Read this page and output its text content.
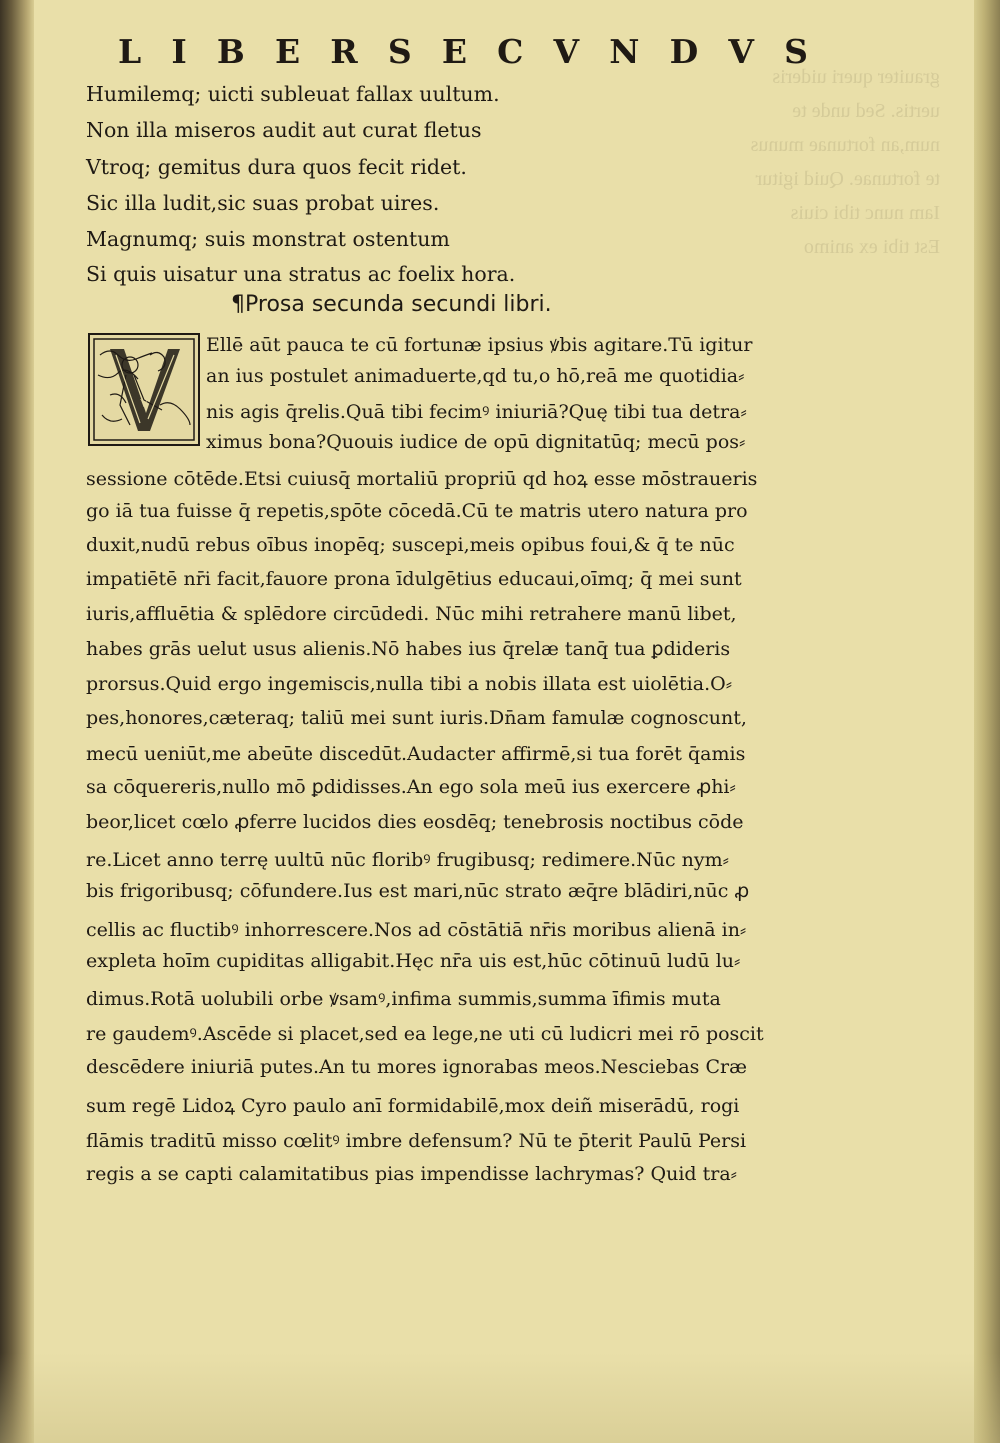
grauiter queri uideris
uertis. Sed unde te
num,an fortunae munus
te fortunae. Quid igitur
Iam nunc tibi ciuis
Est tibi ex animo
L I B E R S E C V N D V S
Humilemq; uicti subleuat fallax uultum.
Non illa miseros audit aut curat fletus
Vtroq; gemitus dura quos fecit ridet.
Sic illa ludit,sic suas probat uires.
Magnumq; suis monstrat ostentum
Si quis uisatur una stratus ac foelix hora.
¶Prosa secunda secundi libri.
V
Ellē aūt pauca te cū fortunæ ipsius ꝟbis agitare.Tū igitur
an ius postulet animaduerte,qd tu,o hō,reā me quotidia⸗
nis agis q̄relis.Quā tibi fecimꝰ iniuriā?Quę tibi tua detra⸗
ximus bona?Quouis iudice de opū dignitatūq; mecū pos⸗
sessione cōtēde.Etsi cuiusq̄ mortaliū propriū qd hoꝝ esse mōstraueris
go iā tua fuisse q̄ repetis,spōte cōcedā.Cū te matris utero natura pro
duxit,nudū rebus oībus inopēq; suscepi,meis opibus foui,& q̄ te nūc
impatiētē nr̄i facit,fauore prona īdulgētius educaui,oīmq; q̄ mei sunt
iuris,affluētia & splēdore circūdedi. Nūc mihi retrahere manū libet,
habes grās uelut usus alienis.Nō habes ius q̄relæ tanq̄ tua ꝑdideris
prorsus.Quid ergo ingemiscis,nulla tibi a nobis illata est uiolētia.O⸗
pes,honores,cæteraq; taliū mei sunt iuris.Dn̄am famulæ cognoscunt,
mecū ueniūt,me abeūte discedūt.Audacter affirmē,si tua forēt q̄amis
sa cōquereris,nullo mō ꝑdidisses.An ego sola meū ius exercere ꝓhi⸗
beor,licet cœlo ꝓferre lucidos dies eosdēq; tenebrosis noctibus cōde
re.Licet anno terrę uultū nūc floribꝰ frugibusq; redimere.Nūc nym⸗
bis frigoribusq; cōfundere.Ius est mari,nūc strato æq̄re blādiri,nūc ꝓ
cellis ac fluctibꝰ inhorrescere.Nos ad cōstātiā nr̄is moribus alienā in⸗
expleta hoīm cupiditas alligabit.Hęc nr̄a uis est,hūc cōtinuū ludū lu⸗
dimus.Rotā uolubili orbe ꝟsamꝰ,infima summis,summa īfimis muta
re gaudemꝰ.Ascēde si placet,sed ea lege,ne uti cū ludicri mei rō poscit
descēdere iniuriā putes.An tu mores ignorabas meos.Nesciebas Cræ
sum regē Lidoꝝ Cyro paulo anī formidabilē,mox deiñ miserādū, rogi
flāmis traditū misso cœlitꝰ imbre defensum? Nū te p̄terit Paulū Persi
regis a se capti calamitatibus pias impendisse lachrymas? Quid tra⸗
